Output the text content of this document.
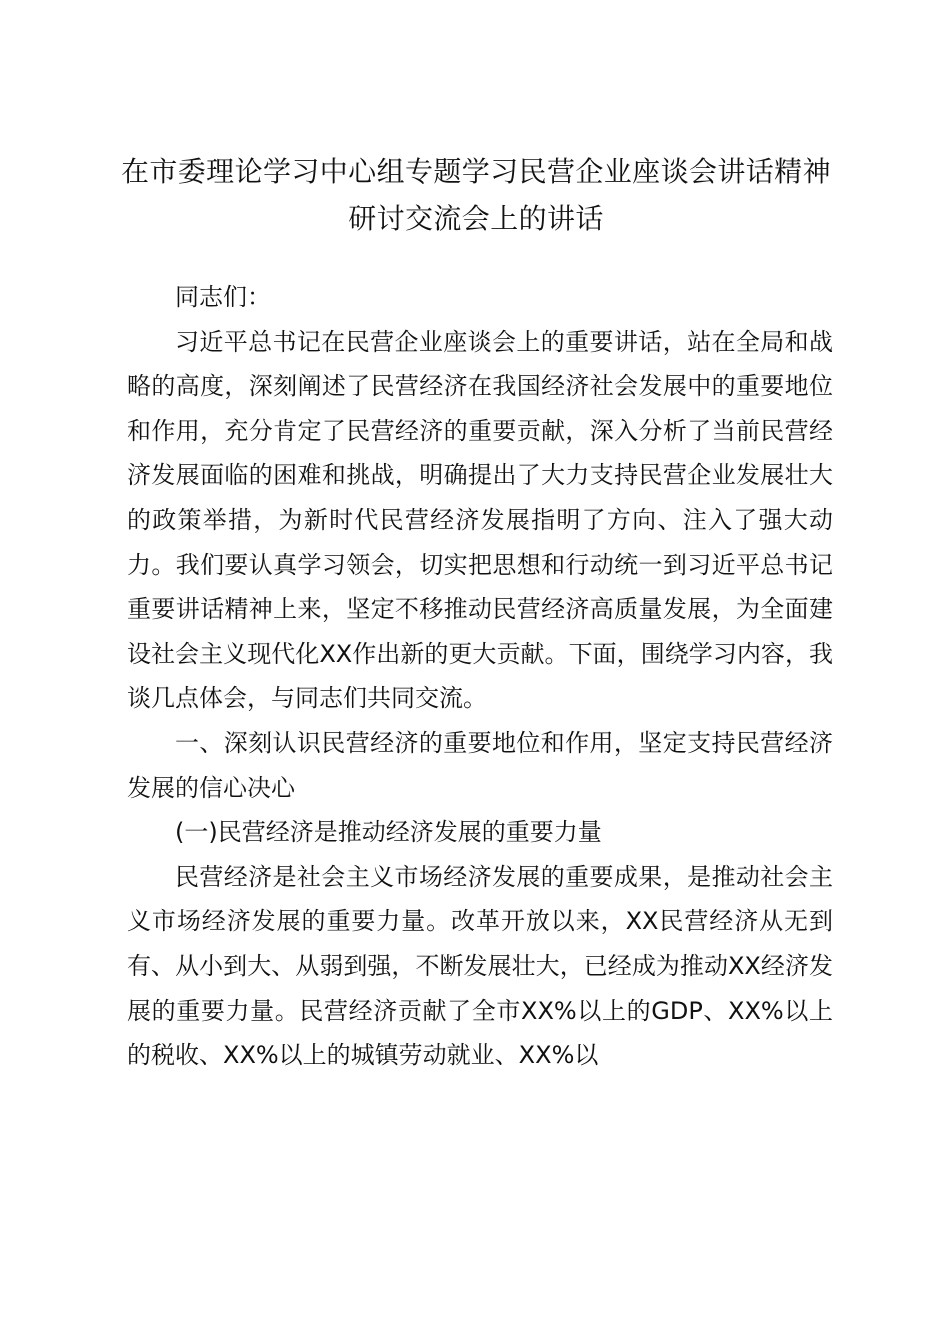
在市委理论学习中心组专题学习民营企业座谈会讲话精神研讨交流会上的讲话

同志们：

习近平总书记在民营企业座谈会上的重要讲话，站在全局和战略的高度，深刻阐述了民营经济在我国经济社会发展中的重要地位和作用，充分肯定了民营经济的重要贡献，深入分析了当前民营经济发展面临的困难和挑战，明确提出了大力支持民营企业发展壮大的政策举措，为新时代民营经济发展指明了方向、注入了强大动力。我们要认真学习领会，切实把思想和行动统一到习近平总书记重要讲话精神上来，坚定不移推动民营经济高质量发展，为全面建设社会主义现代化XX作出新的更大贡献。下面，围绕学习内容，我谈几点体会，与同志们共同交流。

一、深刻认识民营经济的重要地位和作用，坚定支持民营经济发展的信心决心

(一)民营经济是推动经济发展的重要力量

民营经济是社会主义市场经济发展的重要成果，是推动社会主义市场经济发展的重要力量。改革开放以来，XX民营经济从无到有、从小到大、从弱到强，不断发展壮大，已经成为推动XX经济发展的重要力量。民营经济贡献了全市XX%以上的GDP、XX%以上的税收、XX%以上的城镇劳动就业、XX%以
